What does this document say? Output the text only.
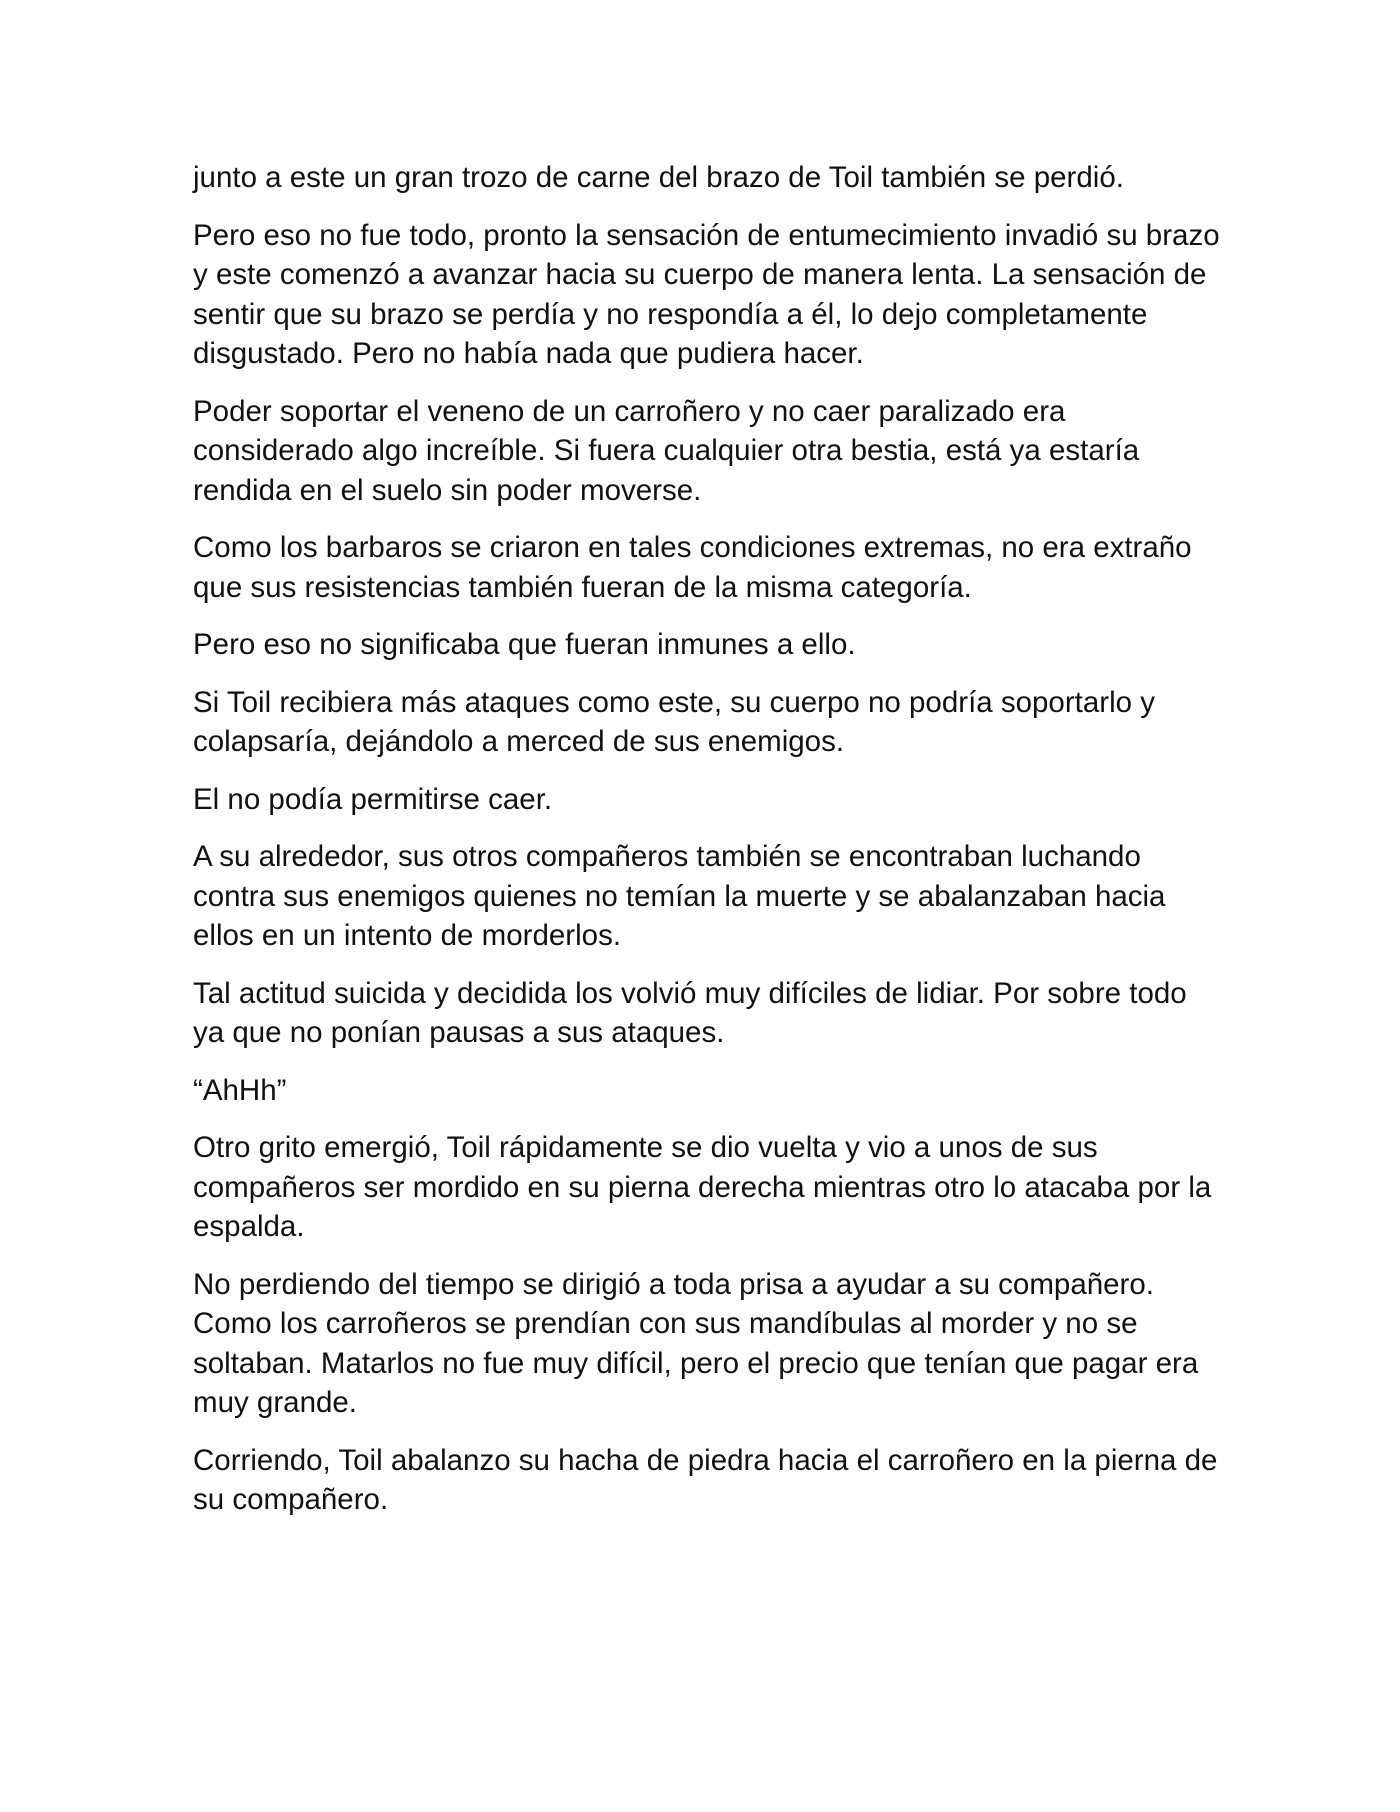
junto a este un gran trozo de carne del brazo de Toil también se perdió.

Pero eso no fue todo, pronto la sensación de entumecimiento invadió su brazo y este comenzó a avanzar hacia su cuerpo de manera lenta. La sensación de sentir que su brazo se perdía y no respondía a él, lo dejo completamente disgustado. Pero no había nada que pudiera hacer.

Poder soportar el veneno de un carroñero y no caer paralizado era considerado algo increíble. Si fuera cualquier otra bestia, está ya estaría rendida en el suelo sin poder moverse.

Como los barbaros se criaron en tales condiciones extremas, no era extraño que sus resistencias también fueran de la misma categoría.

Pero eso no significaba que fueran inmunes a ello.

Si Toil recibiera más ataques como este, su cuerpo no podría soportarlo y colapsaría, dejándolo a merced de sus enemigos.

El no podía permitirse caer.

A su alrededor, sus otros compañeros también se encontraban luchando contra sus enemigos quienes no temían la muerte y se abalanzaban hacia ellos en un intento de morderlos.

Tal actitud suicida y decidida los volvió muy difíciles de lidiar. Por sobre todo ya que no ponían pausas a sus ataques.

“AhHh”

Otro grito emergió, Toil rápidamente se dio vuelta y vio a unos de sus compañeros ser mordido en su pierna derecha mientras otro lo atacaba por la espalda.

No perdiendo del tiempo se dirigió a toda prisa a ayudar a su compañero. Como los carroñeros se prendían con sus mandíbulas al morder y no se soltaban. Matarlos no fue muy difícil, pero el precio que tenían que pagar era muy grande.

Corriendo, Toil abalanzo su hacha de piedra hacia el carroñero en la pierna de su compañero.
